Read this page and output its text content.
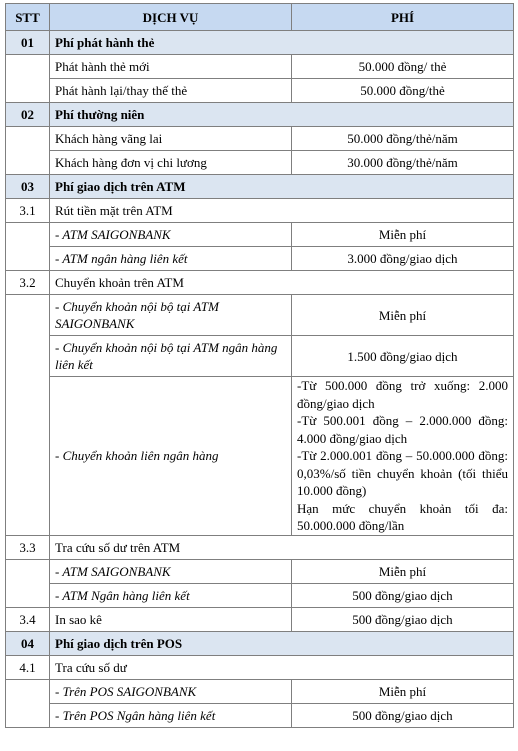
STT	DỊCH VỤ	PHÍ
01	Phí phát hành thẻ	
	Phát hành thẻ mới	50.000 đồng/ thẻ
	Phát hành lại/thay thế thẻ	50.000 đồng/thẻ
02	Phí thường niên	
	Khách hàng vãng lai	50.000 đồng/thẻ/năm
	Khách hàng đơn vị chi lương	30.000 đồng/thẻ/năm
03	Phí giao dịch trên ATM	
3.1	Rút tiền mặt trên ATM	
	- ATM SAIGONBANK	Miễn phí
	- ATM ngân hàng liên kết	3.000 đồng/giao dịch
3.2	Chuyển khoản trên ATM	
	- Chuyển khoản nội bộ tại ATM SAIGONBANK	Miễn phí
	- Chuyển khoản nội bộ tại ATM ngân hàng liên kết	1.500 đồng/giao dịch
	- Chuyển khoản liên ngân hàng	-Từ 500.000 đồng trở xuống: 2.000 đồng/giao dịch

-Từ 500.001 đồng – 2.000.000 đồng: 4.000 đồng/giao dịch

-Từ 2.000.001 đồng – 50.000.000 đồng: 0,03%/số tiền chuyển khoản (tối thiểu 10.000 đồng)

Hạn mức chuyển khoản tối đa: 50.000.000 đồng/lần

3.3	Tra cứu số dư trên ATM	
	- ATM SAIGONBANK	Miễn phí
	- ATM Ngân hàng liên kết	500 đồng/giao dịch
3.4	In sao kê	500 đồng/giao dịch
04	Phí giao dịch trên POS	
4.1	Tra cứu số dư	
	- Trên POS SAIGONBANK	Miễn phí
	- Trên POS Ngân hàng liên kết	500 đồng/giao dịch
